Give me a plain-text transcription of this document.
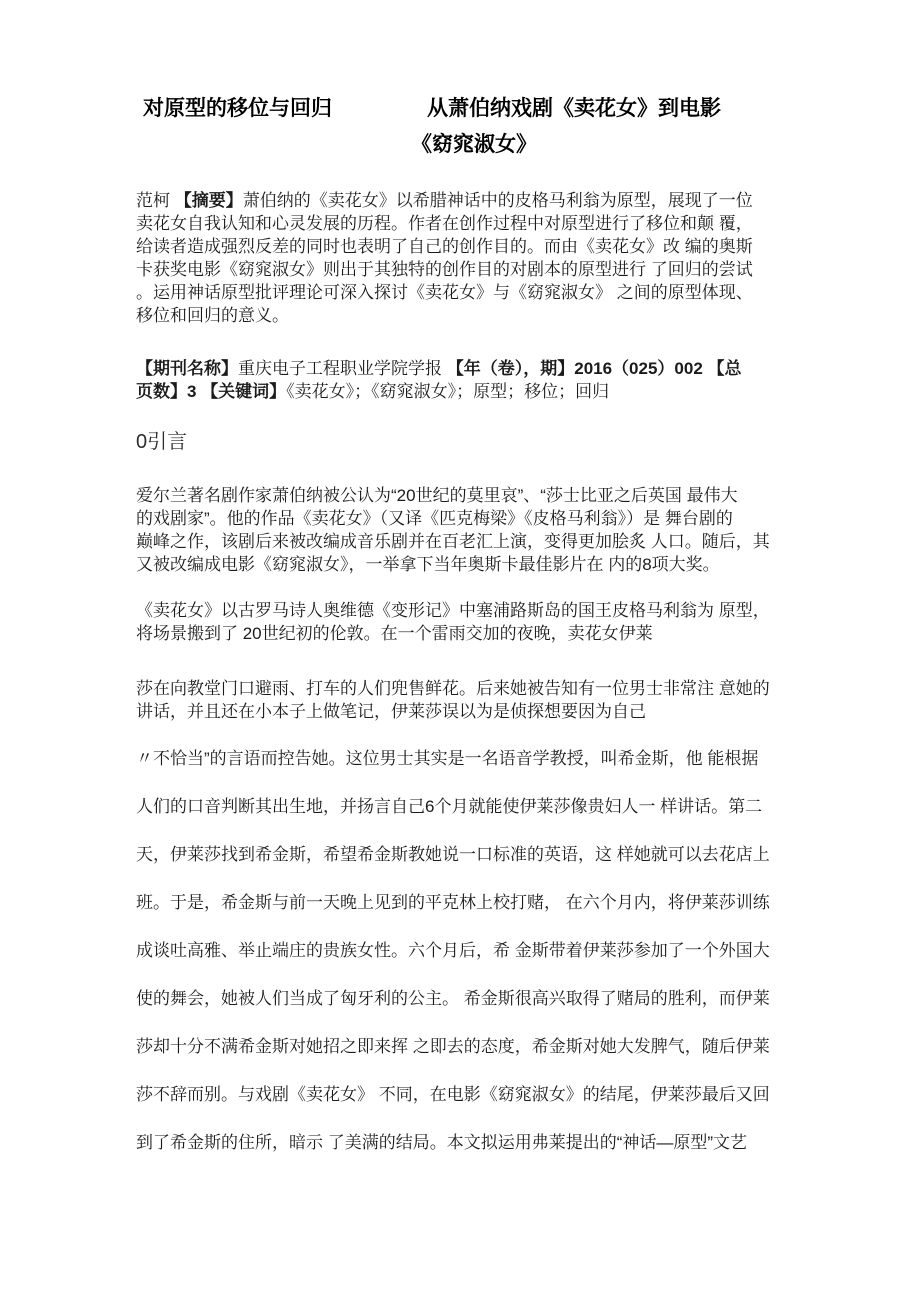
对原型的移位与回归	从萧伯纳戏剧《卖花女》到电影
《窈窕淑女》
范柯 【摘要】萧伯纳的《卖花女》以希腊神话中的皮格马利翁为原型，展现了一位
卖花女自我认知和心灵发展的历程。作者在创作过程中对原型进行了移位和颠 覆，
给读者造成强烈反差的同时也表明了自己的创作目的。而由《卖花女》改 编的奥斯
卡获奖电影《窈窕淑女》则出于其独特的创作目的对剧本的原型进行 了回归的尝试
。运用神话原型批评理论可深入探讨《卖花女》与《窈窕淑女》 之间的原型体现、
移位和回归的意义。
【期刊名称】重庆电子工程职业学院学报 【年（卷），期】2016（025）002 【总
页数】3 【关键词】《卖花女》；《窈窕淑女》；原型；移位；回归
0引言
爱尔兰著名剧作家萧伯纳被公认为“20世纪的莫里哀”、“莎士比亚之后英国 最伟大
的戏剧家”。他的作品《卖花女》（又译《匹克梅梁》《皮格马利翁》）是 舞台剧的
巅峰之作，该剧后来被改编成音乐剧并在百老汇上演，变得更加脍炙 人口。随后，其
又被改编成电影《窈窕淑女》，一举拿下当年奥斯卡最佳影片在 内的8项大奖。
《卖花女》以古罗马诗人奥维德《变形记》中塞浦路斯岛的国王皮格马利翁为 原型，
将场景搬到了 20世纪初的伦敦。在一个雷雨交加的夜晚，卖花女伊莱
莎在向教堂门口避雨、打车的人们兜售鲜花。后来她被告知有一位男士非常注 意她的
讲话，并且还在小本子上做笔记，伊莱莎误以为是侦探想要因为自己
〃不恰当”的言语而控告她。这位男士其实是一名语音学教授，叫希金斯，他 能根据
人们的口音判断其出生地，并扬言自己6个月就能使伊莱莎像贵妇人一 样讲话。第二
天，伊莱莎找到希金斯，希望希金斯教她说一口标准的英语，这 样她就可以去花店上
班。于是，希金斯与前一天晚上见到的平克林上校打赌， 在六个月内，将伊莱莎训练
成谈吐高雅、举止端庄的贵族女性。六个月后，希 金斯带着伊莱莎参加了一个外国大
使的舞会，她被人们当成了匈牙利的公主。 希金斯很高兴取得了赌局的胜利，而伊莱
莎却十分不满希金斯对她招之即来挥 之即去的态度，希金斯对她大发脾气，随后伊莱
莎不辞而别。与戏剧《卖花女》 不同，在电影《窈窕淑女》的结尾，伊莱莎最后又回
到了希金斯的住所，暗示 了美满的结局。本文拟运用弗莱提出的“神话—原型”文艺
